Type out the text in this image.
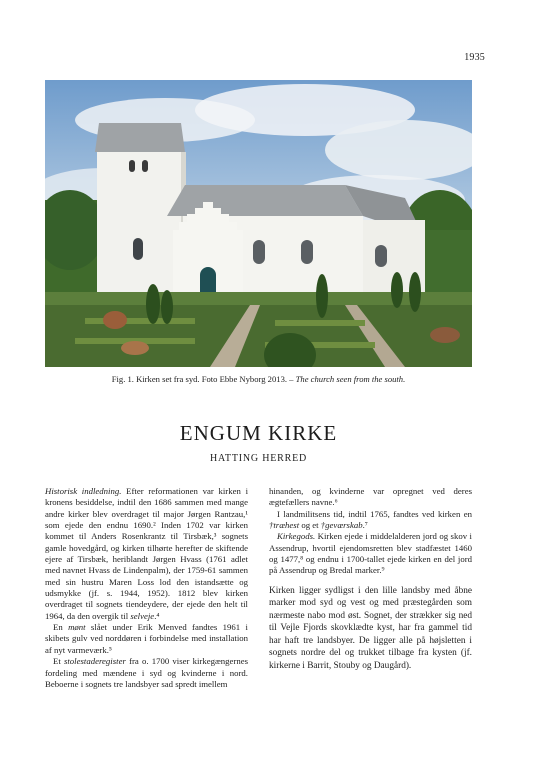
1935
Fig. 1. Kirken set fra syd. Foto Ebbe Nyborg 2013. – The church seen from the south.
ENGUM KIRKE
HATTING HERRED

Historisk indledning. Efter reformationen var kirken i kronens besiddelse, indtil den 1686 sammen med mange andre kirker blev overdraget til major Jørgen Rantzau,¹ som ejede den endnu 1690.² Inden 1702 var kirken kommet til Anders Rosenkrantz til Tirsbæk,³ sognets gamle hovedgård, og kirken tilhørte herefter de skiftende ejere af Tirsbæk, heriblandt Jørgen Hvass (1761 adlet med navnet Hvass de Lindenpalm), der 1759-61 sammen med sin hustru Maren Loss lod den istandsætte og udsmykke (jf. s. 1944, 1952). 1812 blev kirken overdraget til sognets tiendeydere, der ejede den helt til 1964, da den overgik til selveje.⁴

En mønt slået under Erik Menved fandtes 1961 i skibets gulv ved norddøren i forbindelse med installation af nyt varmeværk.⁵

Et stolestaderegister fra o. 1700 viser kirkegængernes fordeling med mændene i syd og kvinderne i nord. Beboerne i sognets tre landsbyer sad spredt imellem

hinanden, og kvinderne var opregnet ved deres ægtefællers navne.⁶

I landmilitsens tid, indtil 1765, fandtes ved kirken en †træhest og et †geværskab.⁷

Kirkegods. Kirken ejede i middelalderen jord og skov i Assendrup, hvortil ejendomsretten blev stadfæstet 1460 og 1477,⁸ og endnu i 1700-tallet ejede kirken en del jord på Assendrup og Bredal marker.⁹

Kirken ligger sydligst i den lille landsby med åbne marker mod syd og vest og med præstegården som nærmeste nabo mod øst. Sognet, der strækker sig ned til Vejle Fjords skovklædte kyst, har fra gammel tid har haft tre landsbyer. De ligger alle på højsletten i sognets nordre del og trukket tilbage fra kysten (jf. kirkerne i Barrit, Stouby og Daugård).
